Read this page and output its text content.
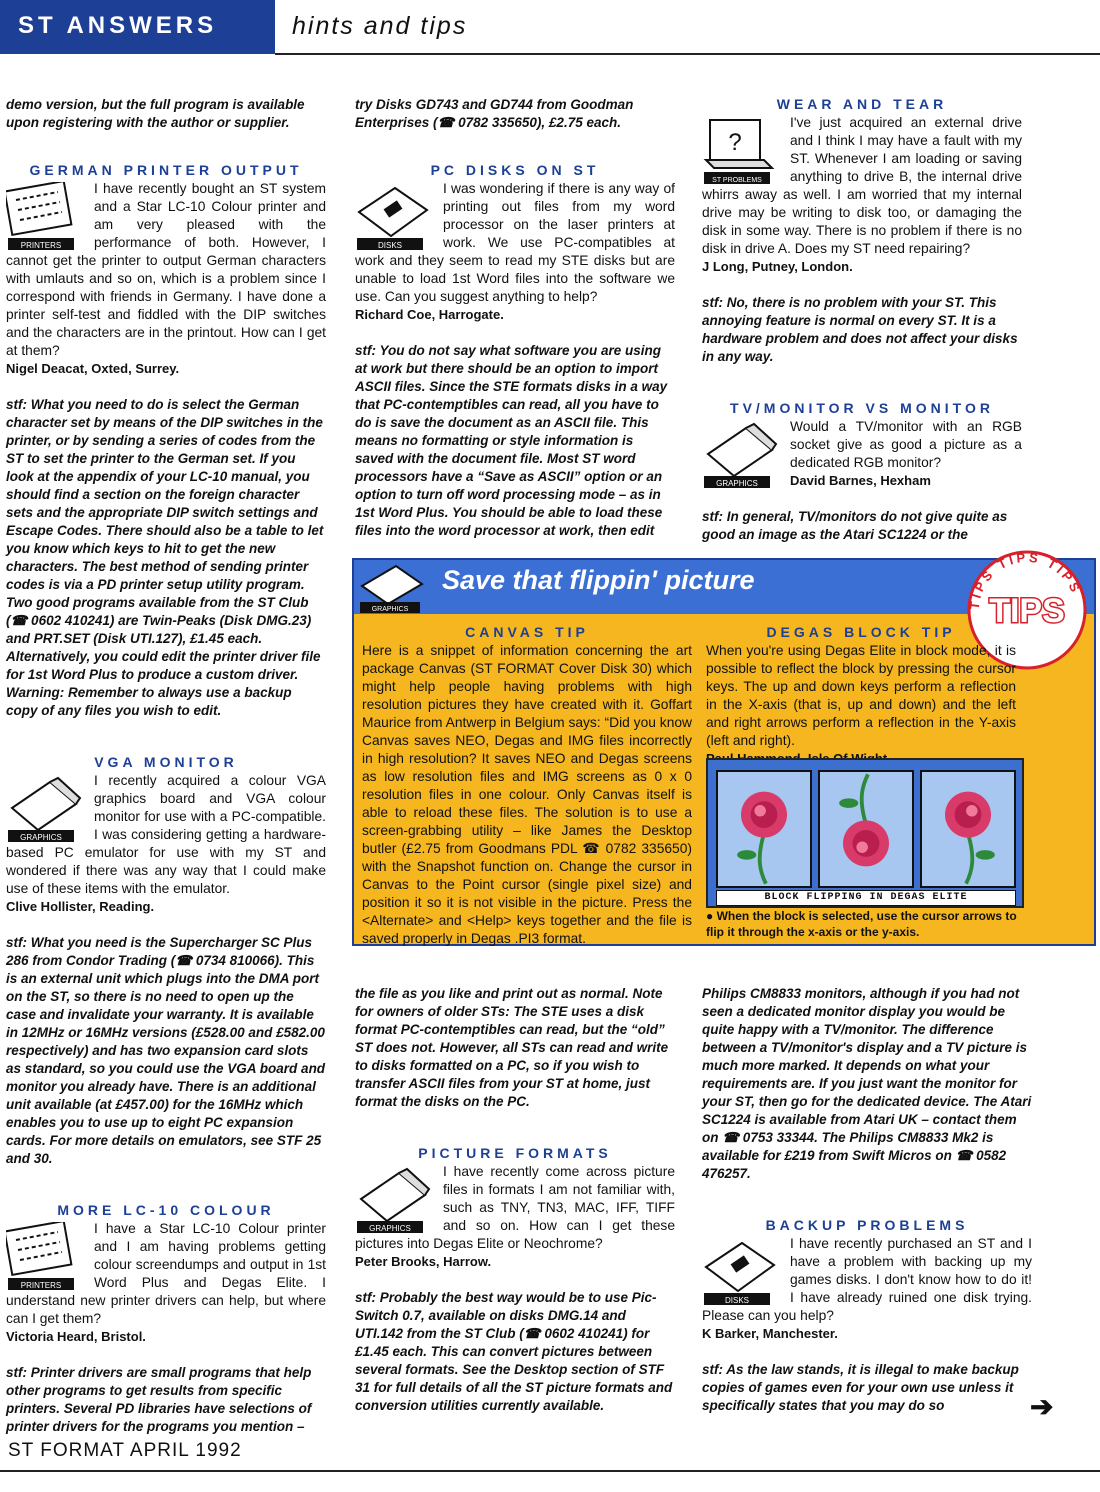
ST ANSWERS	hints and tips
demo version, but the full program is available upon registering with the author or supplier.
GERMAN PRINTER OUTPUT
PRINTERS
I have recently bought an ST system and a Star LC-10 Colour printer and am very pleased with the performance of both. However, I cannot get the printer to output German characters with umlauts and so on, which is a problem since I correspond with friends in Germany. I have done a printer self-test and fiddled with the DIP switches and the characters are in the printout. How can I get at them?
Nigel Deacat, Oxted, Surrey.
stf: What you need to do is select the German character set by means of the DIP switches in the printer, or by sending a series of codes from the ST to set the printer to the German set. If you look at the appendix of your LC-10 manual, you should find a section on the foreign character sets and the appropriate DIP switch settings and Escape Codes. There should also be a table to let you know which keys to hit to get the new characters. The best method of sending printer codes is via a PD printer setup utility program. Two good programs available from the ST Club (☎ 0602 410241) are Twin-Peaks (Disk DMG.23) and PRT.SET (Disk UTI.127), £1.45 each. Alternatively, you could edit the printer driver file for 1st Word Plus to produce a custom driver.
Warning: Remember to always use a backup copy of any files you wish to edit.
VGA MONITOR
GRAPHICS
I recently acquired a colour VGA graphics board and VGA colour monitor for use with a PC-compatible. I was considering getting a hardware-based PC emulator for use with my ST and wondered if there was any way that I could make use of these items with the emulator.
Clive Hollister, Reading.
stf: What you need is the Supercharger SC Plus 286 from Condor Trading (☎ 0734 810066). This is an external unit which plugs into the DMA port on the ST, so there is no need to open up the case and invalidate your warranty. It is available in 12MHz or 16MHz versions (£528.00 and £582.00 respectively) and has two expansion card slots as standard, so you could use the VGA board and monitor you already have. There is an additional unit available (at £457.00) for the 16MHz which enables you to use up to eight PC expansion cards. For more details on emulators, see STF 25 and 30.
MORE LC-10 COLOUR
PRINTERS
I have a Star LC-10 Colour printer and I am having problems getting colour screendumps and output in 1st Word Plus and Degas Elite. I understand new printer drivers can help, but where can I get them?
Victoria Heard, Bristol.
stf: Printer drivers are small programs that help other programs to get results from specific printers. Several PD libraries have selections of printer drivers for the programs you mention –
try Disks GD743 and GD744 from Goodman Enterprises (☎ 0782 335650), £2.75 each.
PC DISKS ON ST
DISKS
I was wondering if there is any way of printing out files from my word processor on the laser printers at work. We use PC-compatibles at work and they seem to read my STE disks but are unable to load 1st Word files into the software we use. Can you suggest anything to help?
Richard Coe, Harrogate.
stf: You do not say what software you are using at work but there should be an option to import ASCII files. Since the STE formats disks in a way that PC-contemptibles can read, all you have to do is save the document as an ASCII file. This means no formatting or style information is saved with the document file. Most ST word processors have a “Save as ASCII” option or an option to turn off word processing mode – as in 1st Word Plus. You should be able to load these files into the word processor at work, then edit
WEAR AND TEAR
?
ST PROBLEMS
I've just acquired an external drive and I think I may have a fault with my ST. Whenever I am loading or saving anything to drive B, the internal drive whirrs away as well. I am worried that my internal drive may be writing to disk too, or damaging the disk in some way. There is no problem if there is no disk in drive A. Does my ST need repairing?
J Long, Putney, London.
stf: No, there is no problem with your ST. This annoying feature is normal on every ST. It is a hardware problem and does not affect your disks in any way.
TV/MONITOR VS MONITOR
GRAPHICS
Would a TV/monitor with an RGB socket give as good a picture as a dedicated RGB monitor?
David Barnes, Hexham
stf: In general, TV/monitors do not give quite as good an image as the Atari SC1224 or the
GRAPHICS
Save that flippin' picture
TIPS TIPS TIPS
TIPS
CANVAS TIP
Here is a snippet of information concerning the art package Canvas (ST FORMAT Cover Disk 30) which might help people having problems with high resolution pictures they have created with it. Goffart Maurice from Antwerp in Belgium says: “Did you know Canvas saves NEO, Degas and IMG files incorrectly in high resolution? It saves NEO and Degas screens as low resolution files and IMG screens as 0 x 0 resolution files in one colour. Only Canvas itself is able to reload these files. The solution is to use a screen-grabbing utility – like James the Desktop butler (£2.75 from Goodmans PDL ☎ 0782 335650) with the Snapshot function on. Change the cursor in Canvas to the Point cursor (single pixel size) and position it so it is not visible in the picture. Press the <Alternate> and <Help> keys together and the file is saved properly in Degas .PI3 format.
DEGAS BLOCK TIP
When you're using Degas Elite in block mode, it is possible to reflect the block by pressing the cursor keys. The up and down keys perform a reflection in the X-axis (that is, up and down) and the left and right arrows perform a reflection in the Y-axis (left and right).
BLOCK FLIPPING IN DEGAS ELITE
● When the block is selected, use the cursor arrows to flip it through the x-axis or the y-axis.
the file as you like and print out as normal. Note for owners of older STs: The STE uses a disk format PC-contemptibles can read, but the “old” ST does not. However, all STs can read and write to disks formatted on a PC, so if you wish to transfer ASCII files from your ST at home, just format the disks on the PC.
PICTURE FORMATS
GRAPHICS
I have recently come across picture files in formats I am not familiar with, such as TNY, TN3, MAC, IFF, TIFF and so on. How can I get these pictures into Degas Elite or Neochrome?
Peter Brooks, Harrow.
stf: Probably the best way would be to use Pic-Switch 0.7, available on disks DMG.14 and UTI.142 from the ST Club (☎ 0602 410241) for £1.45 each. This can convert pictures between several formats. See the Desktop section of STF 31 for full details of all the ST picture formats and conversion utilities currently available.
Philips CM8833 monitors, although if you had not seen a dedicated monitor display you would be quite happy with a TV/monitor. The difference between a TV/monitor's display and a TV picture is much more marked. It depends on what your requirements are. If you just want the monitor for your ST, then go for the dedicated device. The Atari SC1224 is available from Atari UK – contact them on ☎ 0753 33344. The Philips CM8833 Mk2 is available for £219 from Swift Micros on ☎ 0582 476257.
BACKUP PROBLEMS
DISKS
I have recently purchased an ST and I have a problem with backing up my games disks. I don't know how to do it! I have already ruined one disk trying. Please can you help?
K Barker, Manchester.
stf: As the law stands, it is illegal to make backup copies of games even for your own use unless it specifically states that you may do so	➔
ST FORMAT APRIL 1992
